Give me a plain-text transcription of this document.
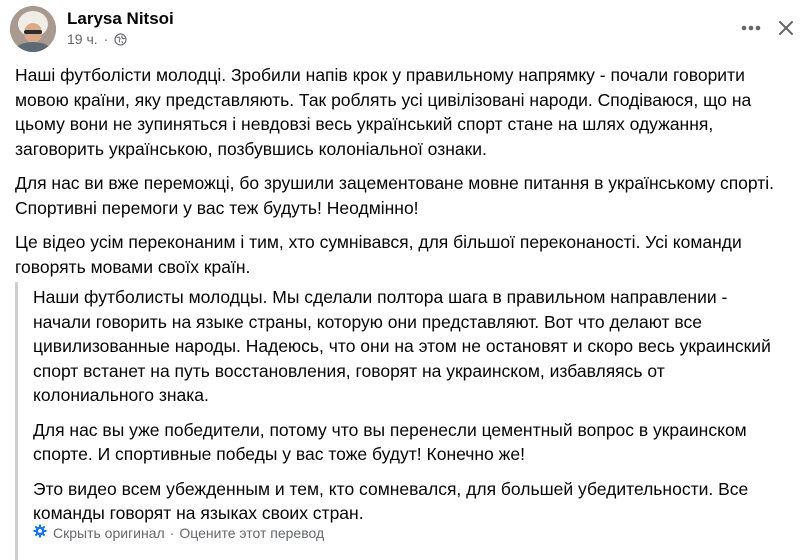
Larysa Nitsoi
19 ч. ·

Наші футболісти молодці. Зробили напів крок у правильному напрямку - почали говорити мовою країни, яку представляють. Так роблять усі цивілізовані народи. Сподіваюся, що на цьому вони не зупиняться і невдовзі весь український спорт стане на шлях одужання, заговорить українською, позбувшись колоніальної ознаки.

Для нас ви вже переможці, бо зрушили зацементоване мовне питання в українському спорті. Спортивні перемоги у вас теж будуть! Неодмінно!

Це відео усім переконаним і тим, хто сумнівався, для більшої переконаності. Усі команди говорять мовами своїх країн.

Наши футболисты молодцы. Мы сделали полтора шага в правильном направлении - начали говорить на языке страны, которую они представляют. Вот что делают все цивилизованные народы. Надеюсь, что они на этом не остановят и скоро весь украинский спорт встанет на путь восстановления, говорят на украинском, избавляясь от колониального знака.

Для нас вы уже победители, потому что вы перенесли цементный вопрос в украинском спорте. И спортивные победы у вас тоже будут! Конечно же!

Это видео всем убежденным и тем, кто сомневался, для большей убедительности. Все команды говорят на языках своих стран.

Скрыть оригинал · Оцените этот перевод
